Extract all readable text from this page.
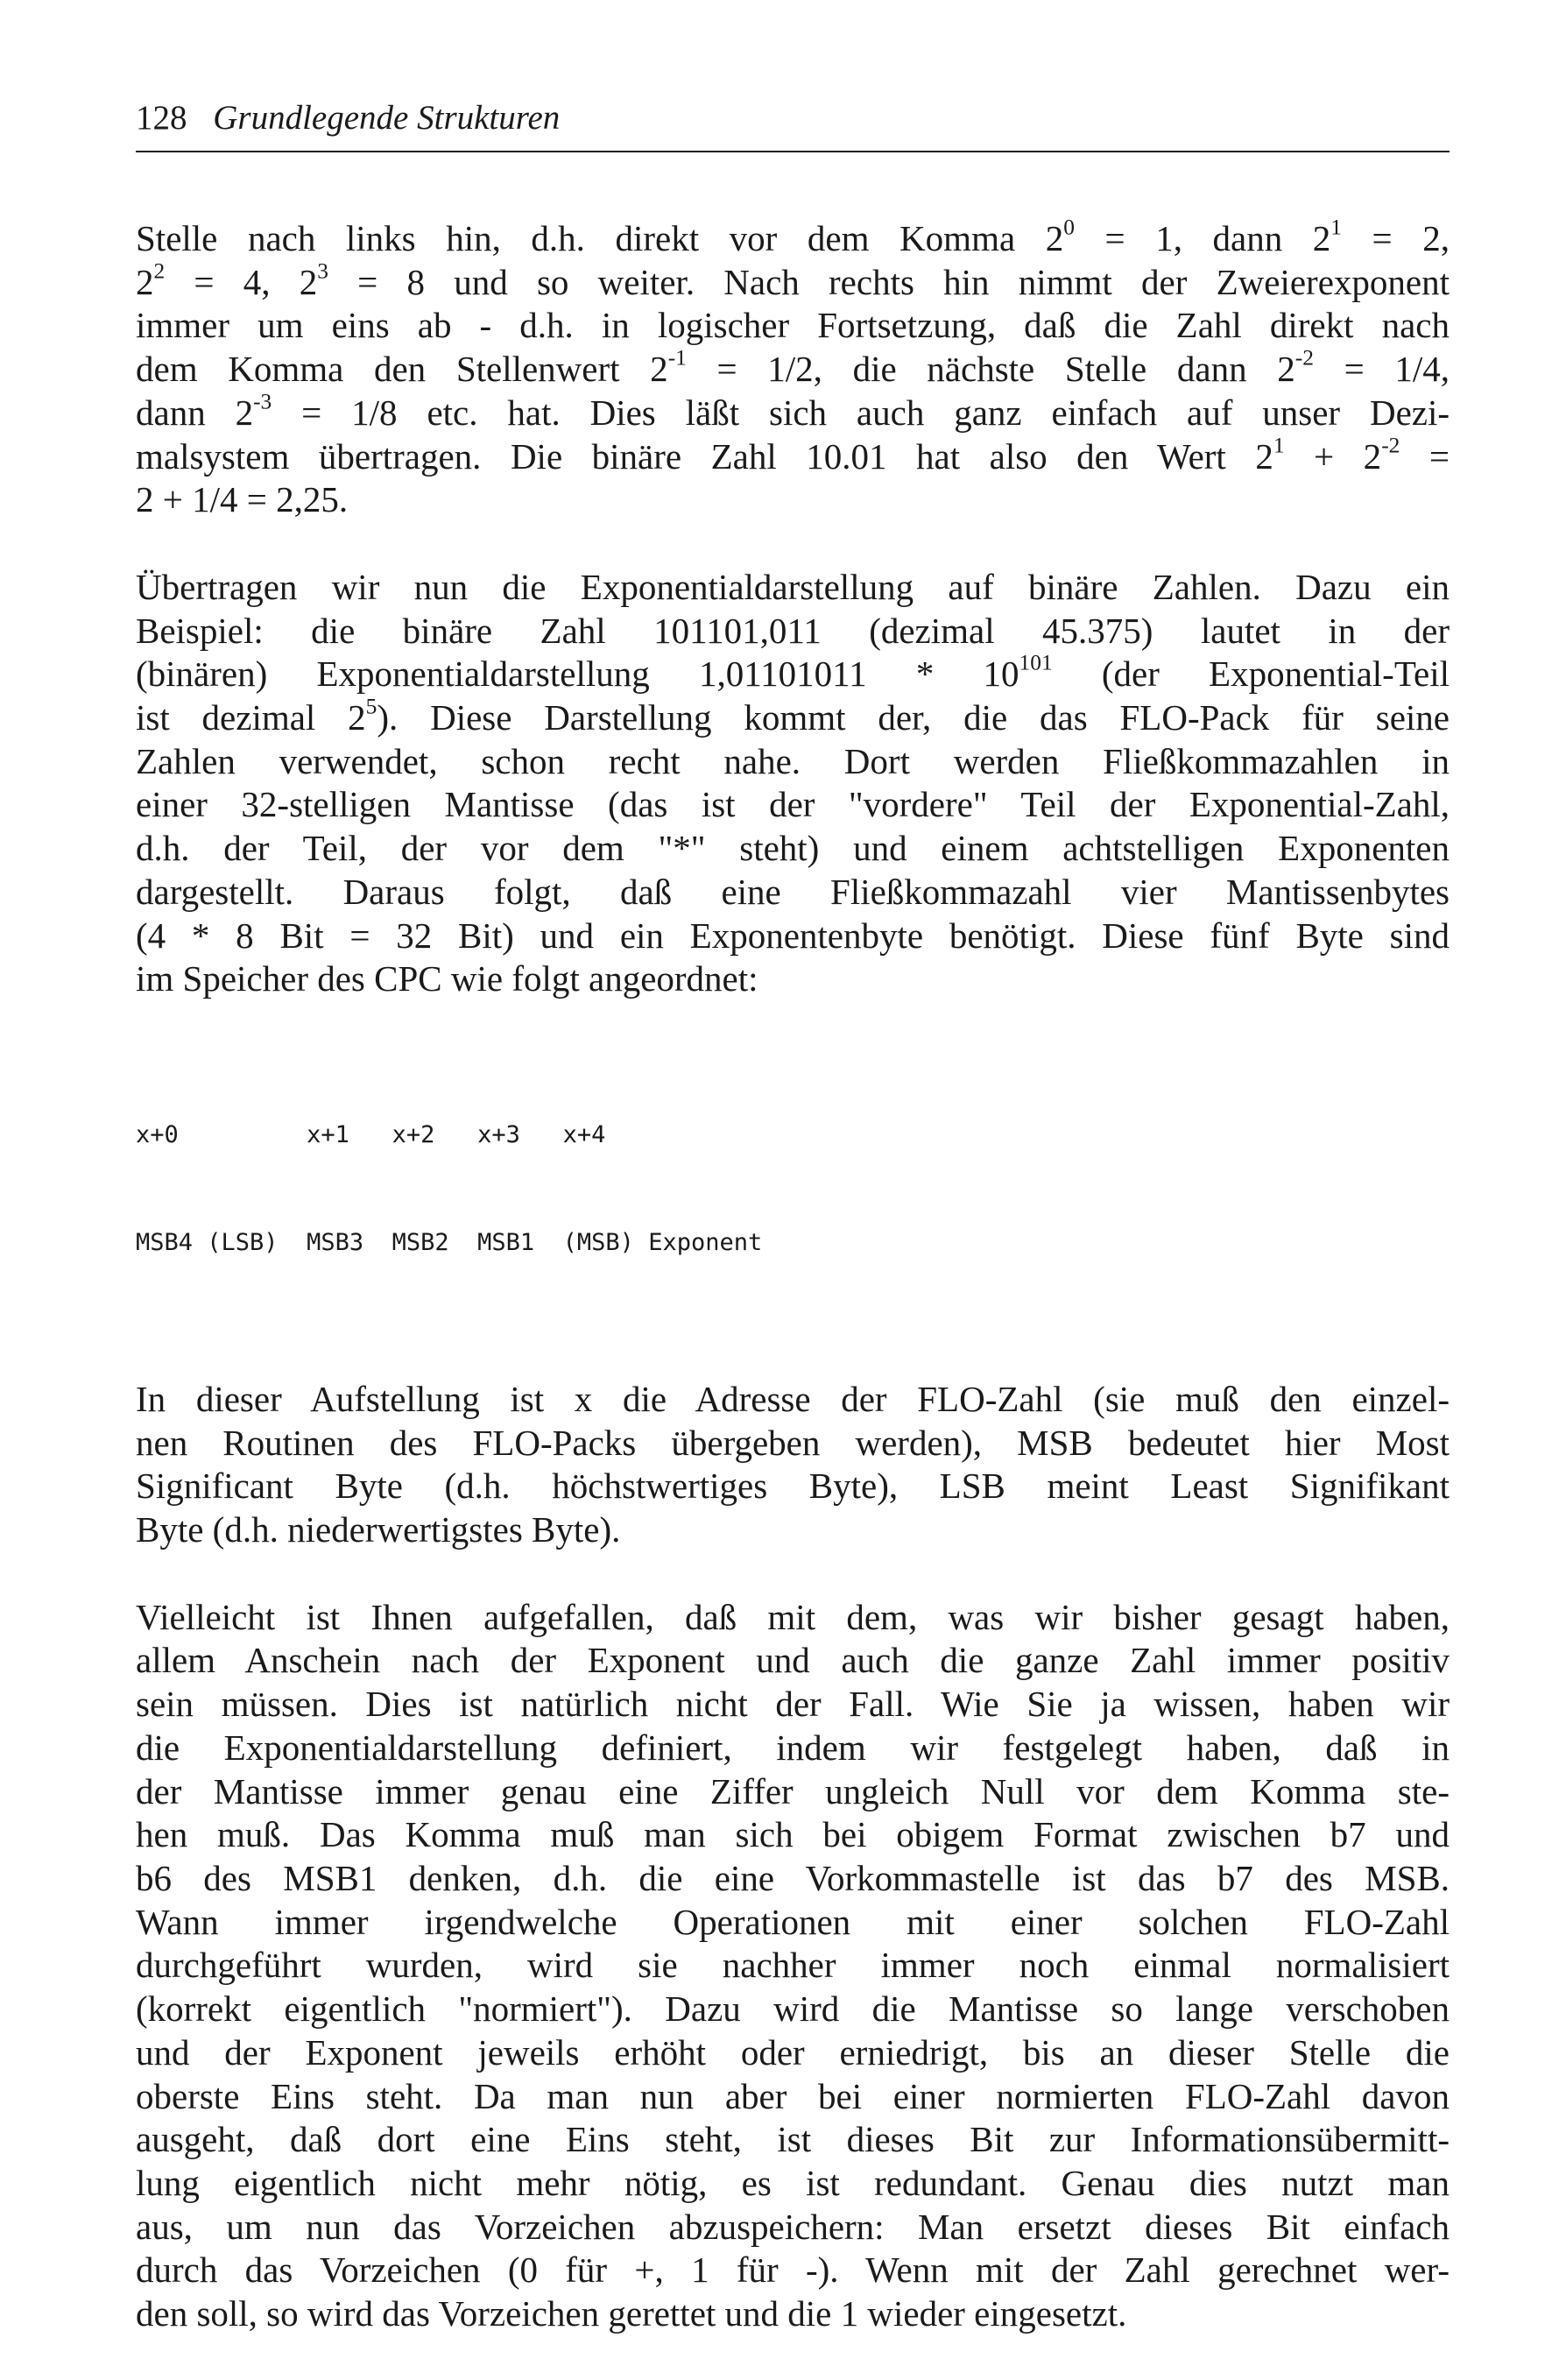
128 Grundlegende Strukturen
Stelle nach links hin, d.h. direkt vor dem Komma $2^0 = 1$, dann $2^1 = 2$,
$2^2 = 4$, $2^3 = 8$ und so weiter. Nach rechts hin nimmt der Zweierexponent
immer um eins ab - d.h. in logischer Fortsetzung, daß die Zahl direkt nach
dem Komma den Stellenwert $2^{-1} = 1/2$, die nächste Stelle dann $2^{-2} = 1/4$,
dann $2^{-3} = 1/8$ etc. hat. Dies läßt sich auch ganz einfach auf unser Dezi-
malsystem übertragen. Die binäre Zahl 10.01 hat also den Wert $2^1 + 2^{-2}$ =
2 + 1/4 = 2,25.
Übertragen wir nun die Exponentialdarstellung auf binäre Zahlen. Dazu ein
Beispiel: die binäre Zahl 101101,011 (dezimal 45.375) lautet in der
(binären) Exponentialdarstellung $1,01101011 * 10^{101}$ (der Exponential-Teil
ist dezimal $2^5$). Diese Darstellung kommt der, die das FLO-Pack für seine
Zahlen verwendet, schon recht nahe. Dort werden Fließkommazahlen in
einer 32-stelligen Mantisse (das ist der "vordere" Teil der Exponential-Zahl,
d.h. der Teil, der vor dem "*" steht) und einem achtstelligen Exponenten
dargestellt. Daraus folgt, daß eine Fließkommazahl vier Mantissenbytes
(4 * 8 Bit = 32 Bit) und ein Exponentenbyte benötigt. Diese fünf Byte sind
im Speicher des CPC wie folgt angeordnet:

x+0         x+1   x+2   x+3   x+4

MSB4 (LSB)  MSB3  MSB2  MSB1  (MSB) Exponent

In dieser Aufstellung ist x die Adresse der FLO-Zahl (sie muß den einzel-
nen Routinen des FLO-Packs übergeben werden), MSB bedeutet hier Most
Significant Byte (d.h. höchstwertiges Byte), LSB meint Least Signifikant
Byte (d.h. niederwertigstes Byte).
Vielleicht ist Ihnen aufgefallen, daß mit dem, was wir bisher gesagt haben,
allem Anschein nach der Exponent und auch die ganze Zahl immer positiv
sein müssen. Dies ist natürlich nicht der Fall. Wie Sie ja wissen, haben wir
die Exponentialdarstellung definiert, indem wir festgelegt haben, daß in
der Mantisse immer genau eine Ziffer ungleich Null vor dem Komma ste-
hen muß. Das Komma muß man sich bei obigem Format zwischen b7 und
b6 des MSB1 denken, d.h. die eine Vorkommastelle ist das b7 des MSB.
Wann immer irgendwelche Operationen mit einer solchen FLO-Zahl
durchgeführt wurden, wird sie nachher immer noch einmal normalisiert
(korrekt eigentlich "normiert"). Dazu wird die Mantisse so lange verschoben
und der Exponent jeweils erhöht oder erniedrigt, bis an dieser Stelle die
oberste Eins steht. Da man nun aber bei einer normierten FLO-Zahl davon
ausgeht, daß dort eine Eins steht, ist dieses Bit zur Informationsübermitt-
lung eigentlich nicht mehr nötig, es ist redundant. Genau dies nutzt man
aus, um nun das Vorzeichen abzuspeichern: Man ersetzt dieses Bit einfach
durch das Vorzeichen (0 für +, 1 für -). Wenn mit der Zahl gerechnet wer-
den soll, so wird das Vorzeichen gerettet und die 1 wieder eingesetzt.
